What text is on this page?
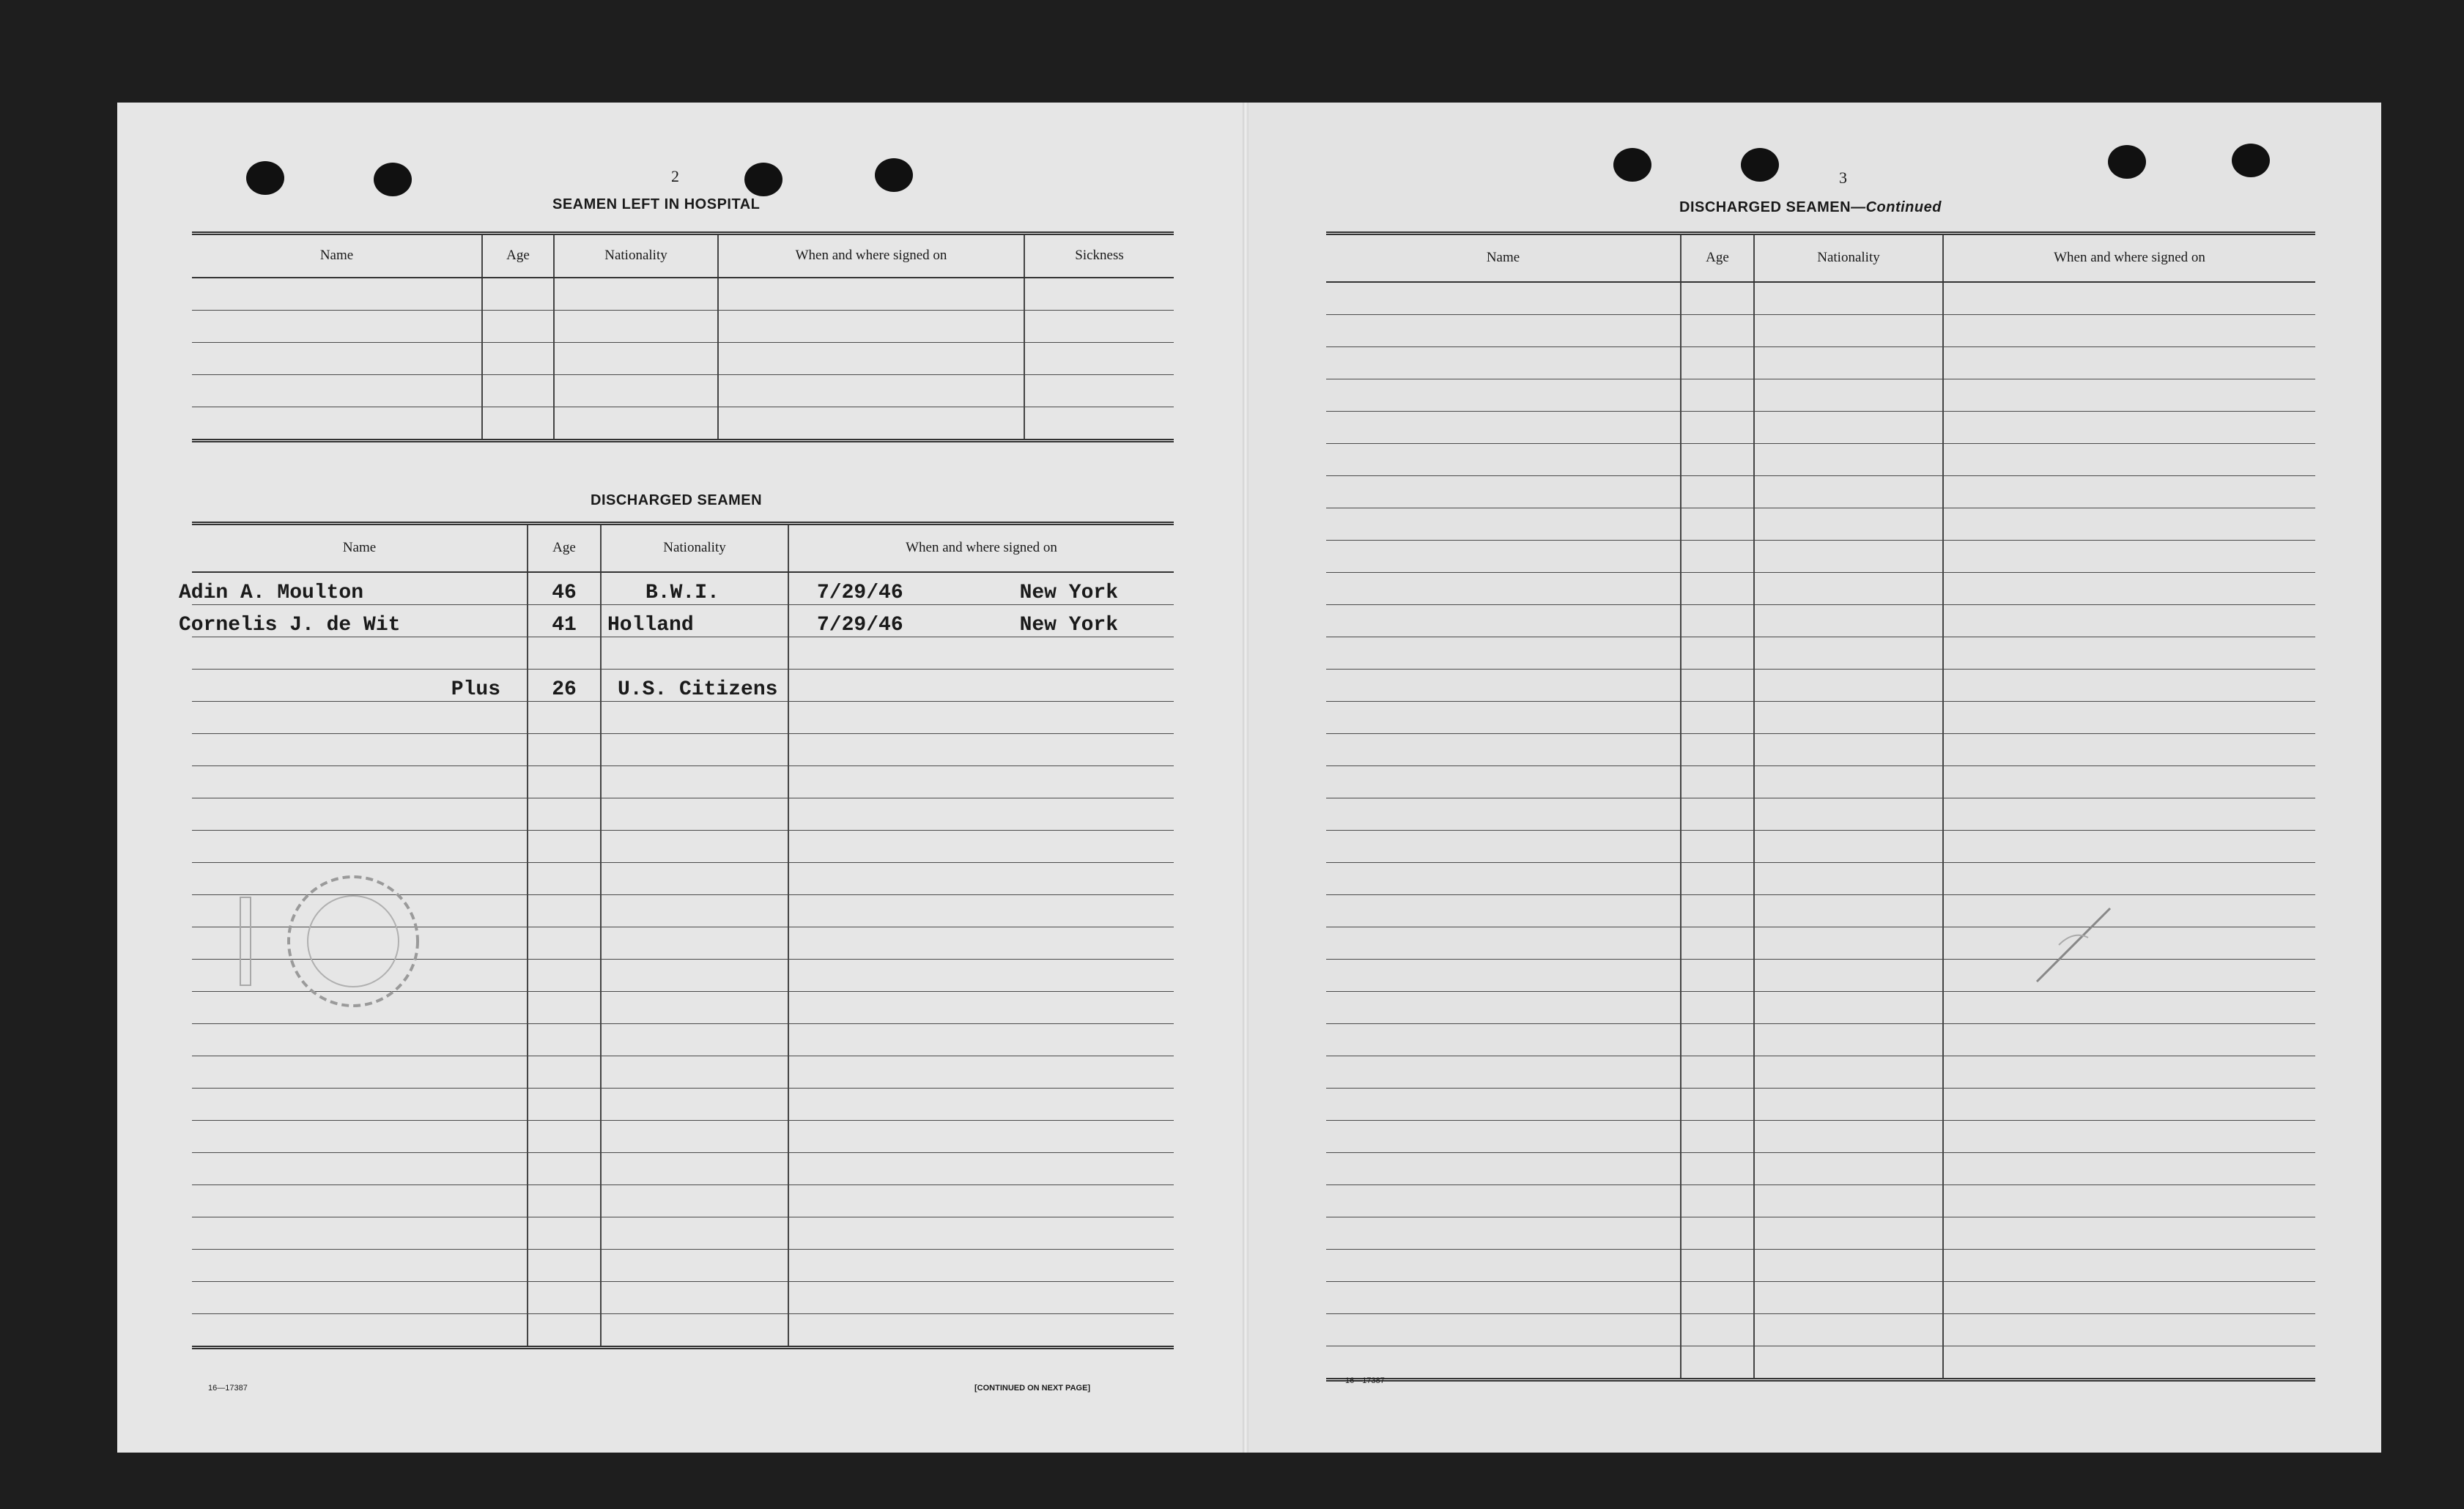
2
SEAMEN LEFT IN HOSPITAL
Name	Age	Nationality	When and where signed on	Sickness

DISCHARGED SEAMEN
Name	Age	Nationality	When and where signed on
Adin A. Moulton	46	B.W.I.	7/29/46 New York

Cornelis J. de Wit	41	Holland	7/29/46 New York

Plus	26	U.S. Citizens	

16—17387	[CONTINUED ON NEXT PAGE]
3
DISCHARGED SEAMEN—Continued
Name	Age	Nationality	When and where signed on

16—17387
